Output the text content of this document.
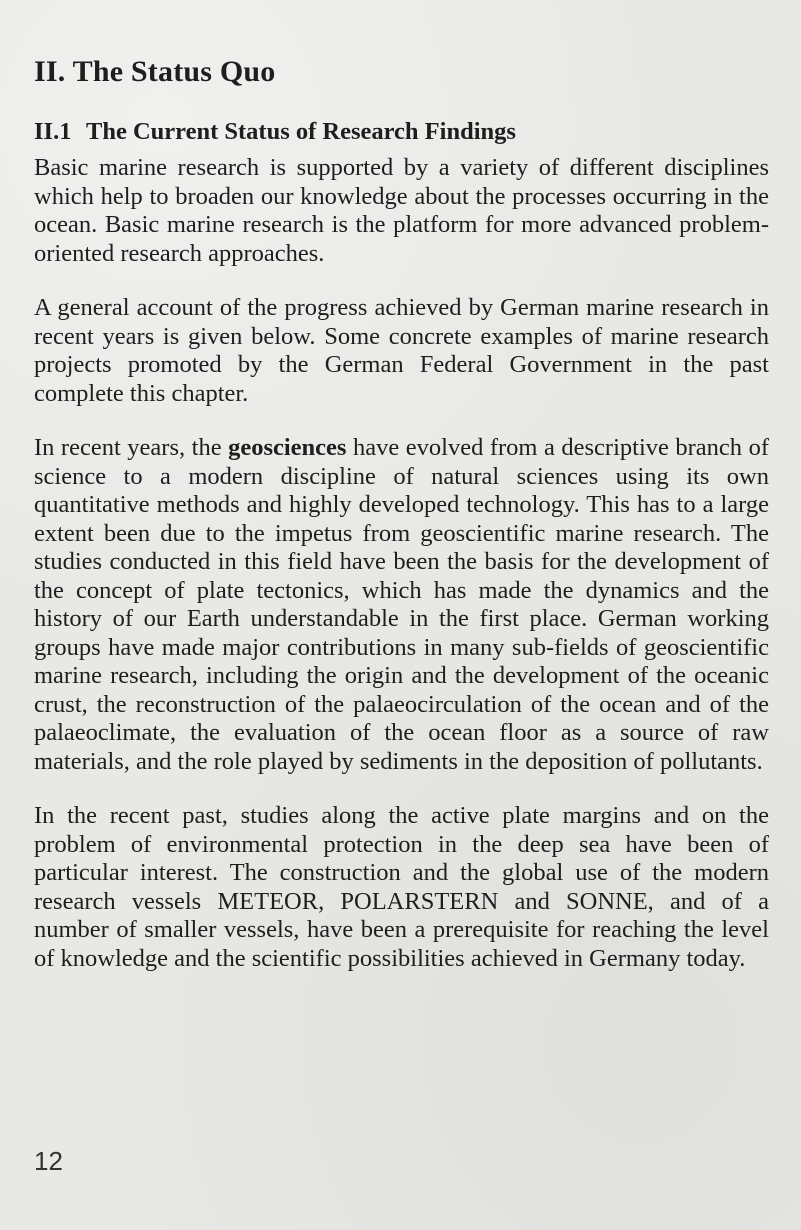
II. The Status Quo
II.1 The Current Status of Research Findings

Basic marine research is supported by a variety of different disciplines which help to broaden our knowledge about the processes occurring in the ocean. Basic marine research is the platform for more advanced problem-oriented research approaches.

A general account of the progress achieved by German marine research in recent years is given below. Some concrete examples of marine research projects promoted by the German Federal Government in the past complete this chapter.

In recent years, the geosciences have evolved from a descriptive branch of science to a modern discipline of natural sciences using its own quantitative methods and highly developed technology. This has to a large extent been due to the impetus from geoscientific marine research. The studies conducted in this field have been the basis for the development of the concept of plate tectonics, which has made the dynamics and the history of our Earth understandable in the first place. German working groups have made major contributions in many sub-fields of geoscientific marine research, including the origin and the development of the oceanic crust, the reconstruction of the palaeocirculation of the ocean and of the palaeoclimate, the evaluation of the ocean floor as a source of raw materials, and the role played by sediments in the deposition of pollutants.

In the recent past, studies along the active plate margins and on the problem of environmental protection in the deep sea have been of particular interest. The construction and the global use of the modern research vessels METEOR, POLARSTERN and SONNE, and of a number of smaller vessels, have been a prerequisite for reaching the level of knowledge and the scientific possibilities achieved in Germany today.

12
